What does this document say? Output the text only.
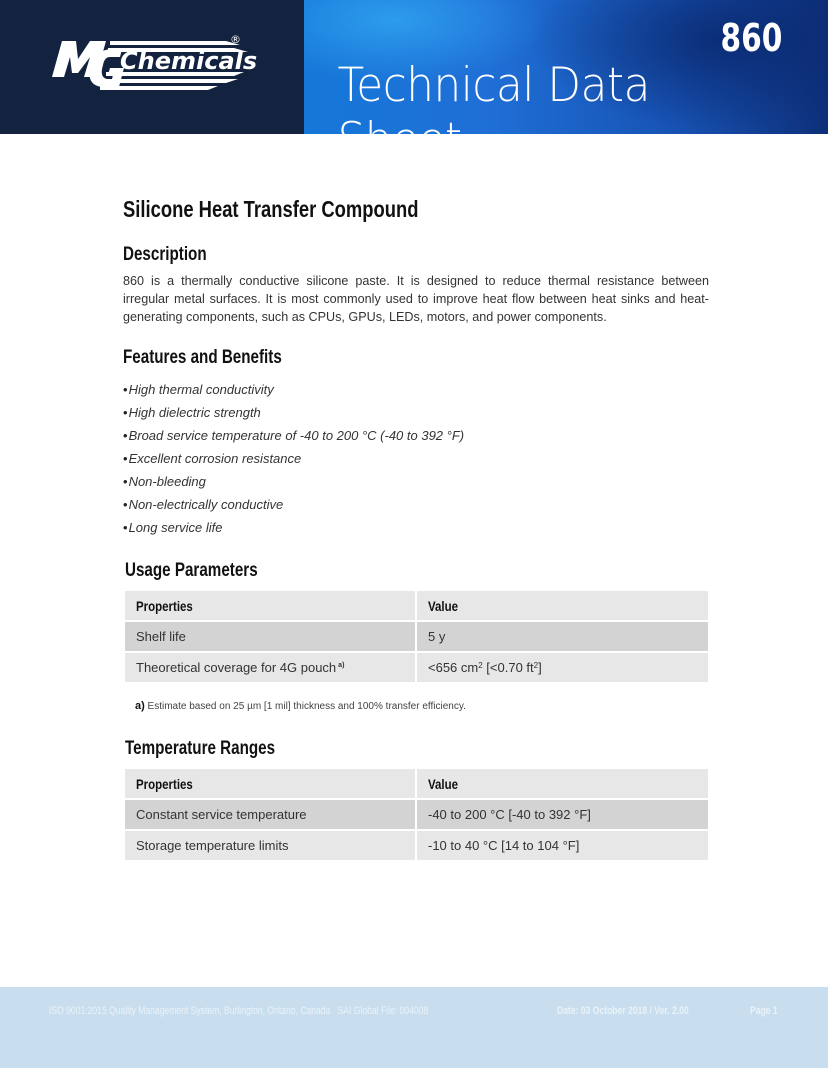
Chemicals
®	860
Technical Data Sheet
Silicone Heat Transfer Compound
Description
860 is a thermally conductive silicone paste. It is designed to reduce thermal resistance between irregular metal surfaces. It is most commonly used to improve heat flow between heat sinks and heat-generating components, such as CPUs, GPUs, LEDs, motors, and power components.
Features and Benefits
•High thermal conductivity
•High dielectric strength
•Broad service temperature of -40 to 200 °C (-40 to 392 °F)
•Excellent corrosion resistance
•Non-bleeding
•Non-electrically conductive
•Long service life
Usage Parameters
Properties	Value
Shelf life	5 y
Theoretical coverage for 4G pouch $^{a)}$	<656 $cm^2$ [<0.70 $ft^2$]
a) Estimate based on 25 µm [1 mil] thickness and 100% transfer efficiency.
Temperature Ranges
Properties	Value
Constant service temperature	-40 to 200 °C [-40 to 392 °F]
Storage temperature limits	-10 to 40 °C [14 to 104 °F]
ISO 9001:2015 Quality Management System, Burlington, Ontario, Canada   SAI Global File: 004008	Date: 03 October 2018 / Ver. 2.00	Page 1
